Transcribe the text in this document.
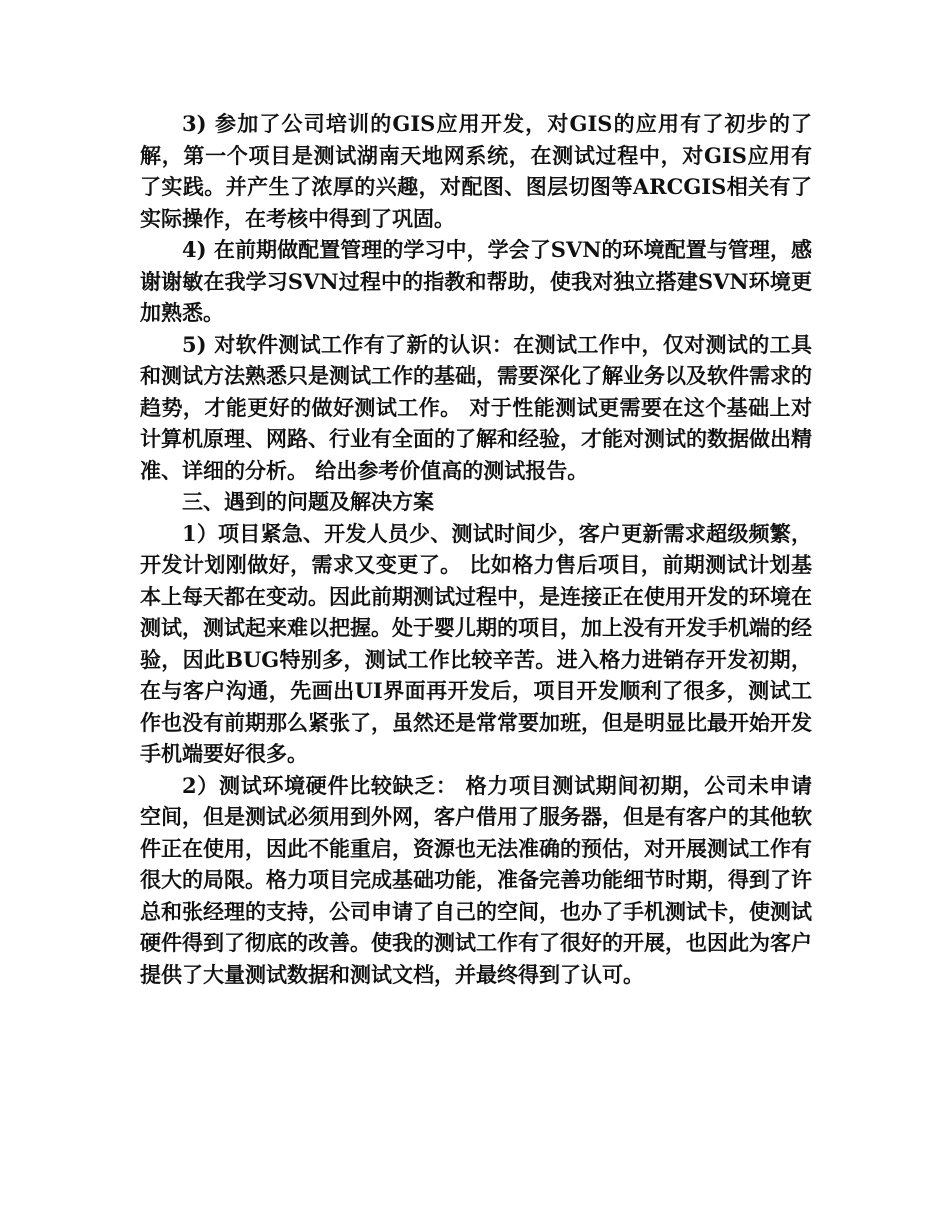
3) 参加了公司培训的GIS应用开发，对GIS的应用有了初步的了解，第一个项目是测试湖南天地网系统，在测试过程中，对GIS应用有了实践。并产生了浓厚的兴趣，对配图、图层切图等ARCGIS相关有了实际操作，在考核中得到了巩固。

4) 在前期做配置管理的学习中，学会了SVN的环境配置与管理，感谢谢敏在我学习SVN过程中的指教和帮助，使我对独立搭建SVN环境更加熟悉。

5) 对软件测试工作有了新的认识：在测试工作中，仅对测试的工具和测试方法熟悉只是测试工作的基础，需要深化了解业务以及软件需求的趋势，才能更好的做好测试工作。 对于性能测试更需要在这个基础上对计算机原理、网路、行业有全面的了解和经验，才能对测试的数据做出精准、详细的分析。 给出参考价值高的测试报告。

三、遇到的问题及解决方案

1）项目紧急、开发人员少、测试时间少，客户更新需求超级频繁，开发计划刚做好，需求又变更了。 比如格力售后项目，前期测试计划基本上每天都在变动。因此前期测试过程中，是连接正在使用开发的环境在测试，测试起来难以把握。处于婴儿期的项目，加上没有开发手机端的经验，因此BUG特别多，测试工作比较辛苦。进入格力进销存开发初期，在与客户沟通，先画出UI界面再开发后，项目开发顺利了很多，测试工作也没有前期那么紧张了，虽然还是常常要加班，但是明显比最开始开发手机端要好很多。

2）测试环境硬件比较缺乏： 格力项目测试期间初期，公司未申请空间，但是测试必须用到外网，客户借用了服务器，但是有客户的其他软件正在使用，因此不能重启，资源也无法准确的预估，对开展测试工作有很大的局限。格力项目完成基础功能，准备完善功能细节时期，得到了许总和张经理的支持，公司申请了自己的空间，也办了手机测试卡，使测试硬件得到了彻底的改善。使我的测试工作有了很好的开展，也因此为客户提供了大量测试数据和测试文档，并最终得到了认可。
